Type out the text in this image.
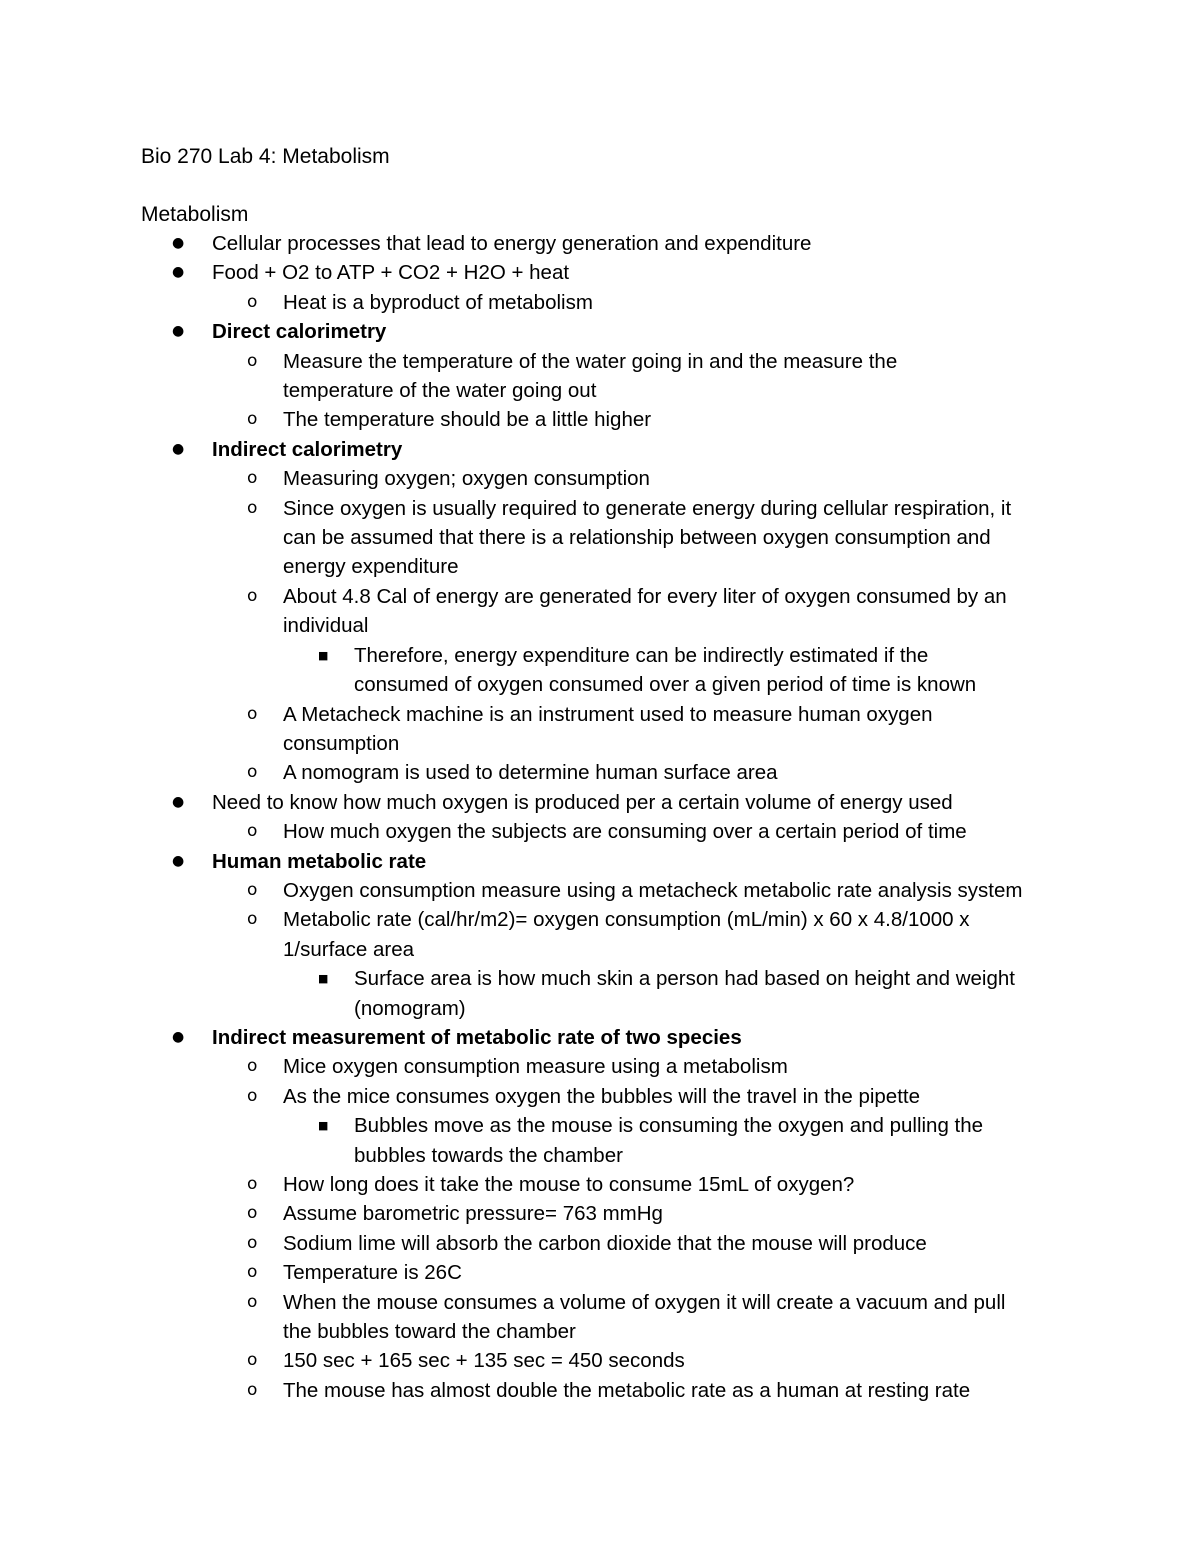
Bio 270 Lab 4: Metabolism
Metabolism
● Cellular processes that lead to energy generation and expenditure
● Food + O2 to ATP + CO2 + H2O + heat
o Heat is a byproduct of metabolism
● Direct calorimetry
o Measure the temperature of the water going in and the measure the
temperature of the water going out
o The temperature should be a little higher
● Indirect calorimetry
o Measuring oxygen; oxygen consumption
o Since oxygen is usually required to generate energy during cellular respiration, it
can be assumed that there is a relationship between oxygen consumption and
energy expenditure
o About 4.8 Cal of energy are generated for every liter of oxygen consumed by an
individual
■ Therefore, energy expenditure can be indirectly estimated if the
consumed of oxygen consumed over a given period of time is known
o A Metacheck machine is an instrument used to measure human oxygen
consumption
o A nomogram is used to determine human surface area
● Need to know how much oxygen is produced per a certain volume of energy used
o How much oxygen the subjects are consuming over a certain period of time
● Human metabolic rate
o Oxygen consumption measure using a metacheck metabolic rate analysis system
o Metabolic rate (cal/hr/m2)= oxygen consumption (mL/min) x 60 x 4.8/1000 x
1/surface area
■ Surface area is how much skin a person had based on height and weight
(nomogram)
● Indirect measurement of metabolic rate of two species
o Mice oxygen consumption measure using a metabolism
o As the mice consumes oxygen the bubbles will the travel in the pipette
■ Bubbles move as the mouse is consuming the oxygen and pulling the
bubbles towards the chamber
o How long does it take the mouse to consume 15mL of oxygen?
o Assume barometric pressure= 763 mmHg
o Sodium lime will absorb the carbon dioxide that the mouse will produce
o Temperature is 26C
o When the mouse consumes a volume of oxygen it will create a vacuum and pull
the bubbles toward the chamber
o 150 sec + 165 sec + 135 sec = 450 seconds
o The mouse has almost double the metabolic rate as a human at resting rate
